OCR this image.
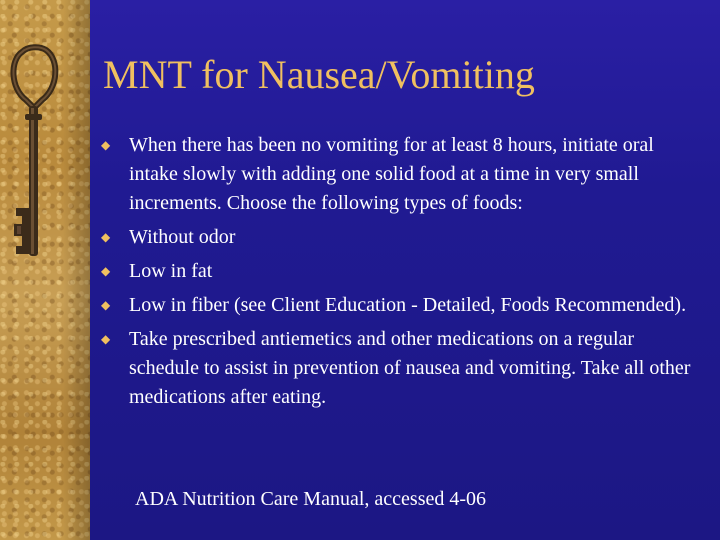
MNT for Nausea/Vomiting
◆ When there has been no vomiting for at least 8 hours, initiate oral intake slowly with adding one solid food at a time in very small increments. Choose the following types of foods:
◆ Without odor
◆ Low in fat
◆ Low in fiber (see Client Education - Detailed, Foods Recommended).
◆ Take prescribed antiemetics and other medications on a regular schedule to assist in prevention of nausea and vomiting. Take all other medications after eating.
ADA Nutrition Care Manual, accessed 4-06
